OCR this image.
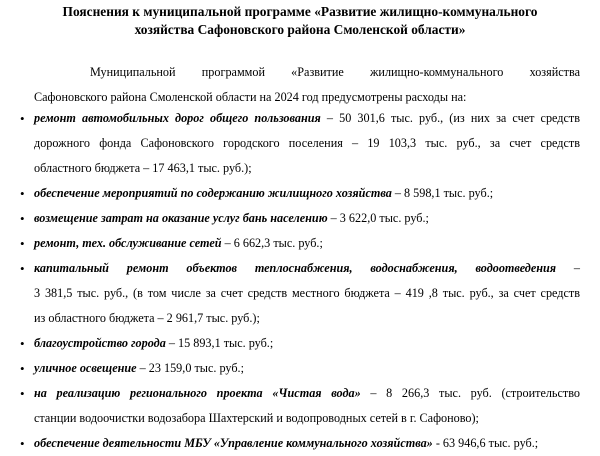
Пояснения к муниципальной программе «Развитие жилищно-коммунального
хозяйства Сафоновского района Смоленской области»
Муниципальной программой «Развитие жилищно-коммунального хозяйства
Сафоновского района Смоленской области на 2024 год предусмотрены расходы на:
• ремонт автомобильных дорог общего пользования – 50 301,6 тыс. руб., (из них за счет средств
дорожного фонда Сафоновского городского поселения – 19 103,3 тыс. руб., за счет средств
областного бюджета – 17 463,1 тыс. руб.);
• обеспечение мероприятий по содержанию жилищного хозяйства – 8 598,1 тыс. руб.;
• возмещение затрат на оказание услуг бань населению – 3 622,0 тыс. руб.;
• ремонт, тех. обслуживание сетей – 6 662,3 тыс. руб.;
• капитальный ремонт объектов теплоснабжения, водоснабжения, водоотведения –
3 381,5 тыс. руб., (в том числе за счет средств местного бюджета – 419 ,8 тыс. руб., за счет средств
из областного бюджета – 2 961,7 тыс. руб.);
• благоустройство города – 15 893,1 тыс. руб.;
• уличное освещение – 23 159,0 тыс. руб.;
• на реализацию регионального проекта «Чистая вода» – 8 266,3 тыс. руб. (строительство
станции водоочистки водозабора Шахтерский и водопроводных сетей в г. Сафоново);
• обеспечение деятельности МБУ «Управление коммунального хозяйства» - 63 946,6 тыс. руб.;
